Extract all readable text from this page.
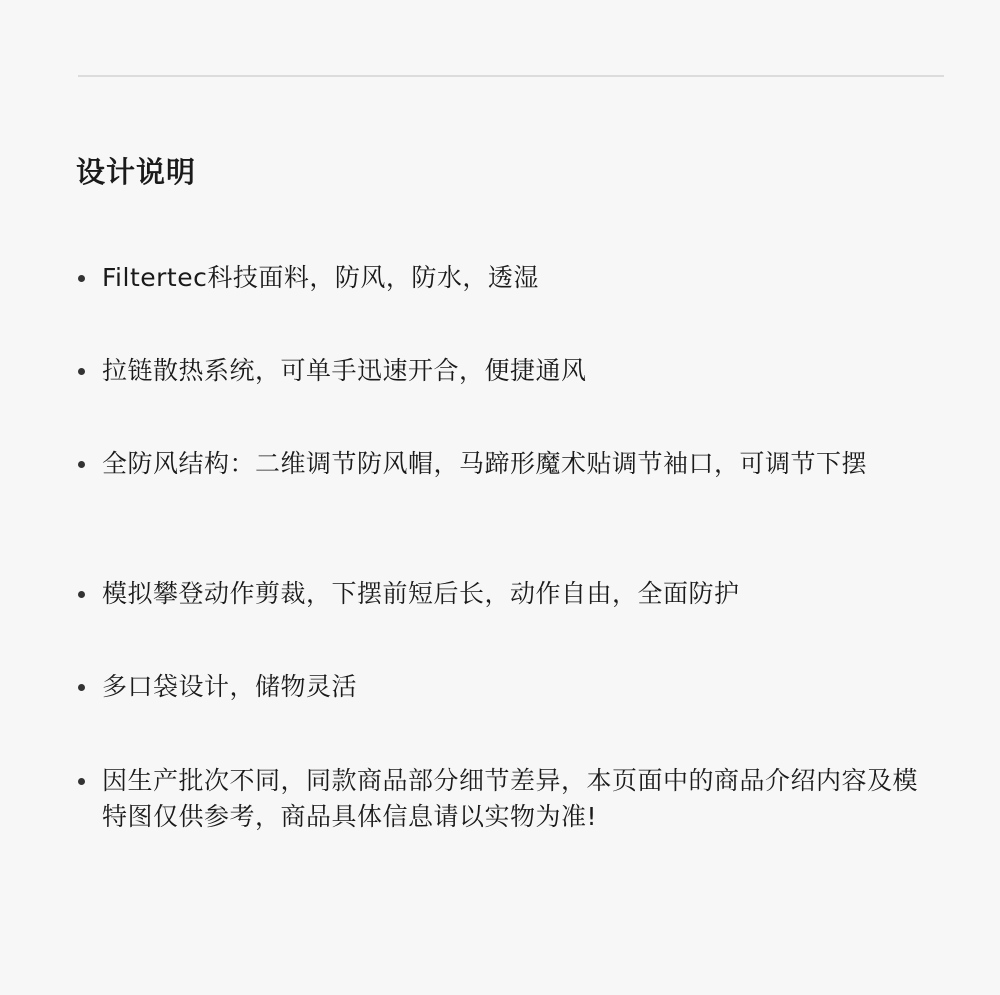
设计说明
Filtertec科技面料，防风，防水，透湿
拉链散热系统，可单手迅速开合，便捷通风
全防风结构：二维调节防风帽，马蹄形魔术贴调节袖口，可调节下摆
模拟攀登动作剪裁，下摆前短后长，动作自由，全面防护
多口袋设计，储物灵活
因生产批次不同，同款商品部分细节差异，本页面中的商品介绍内容及模特图仅供参考，商品具体信息请以实物为准!
